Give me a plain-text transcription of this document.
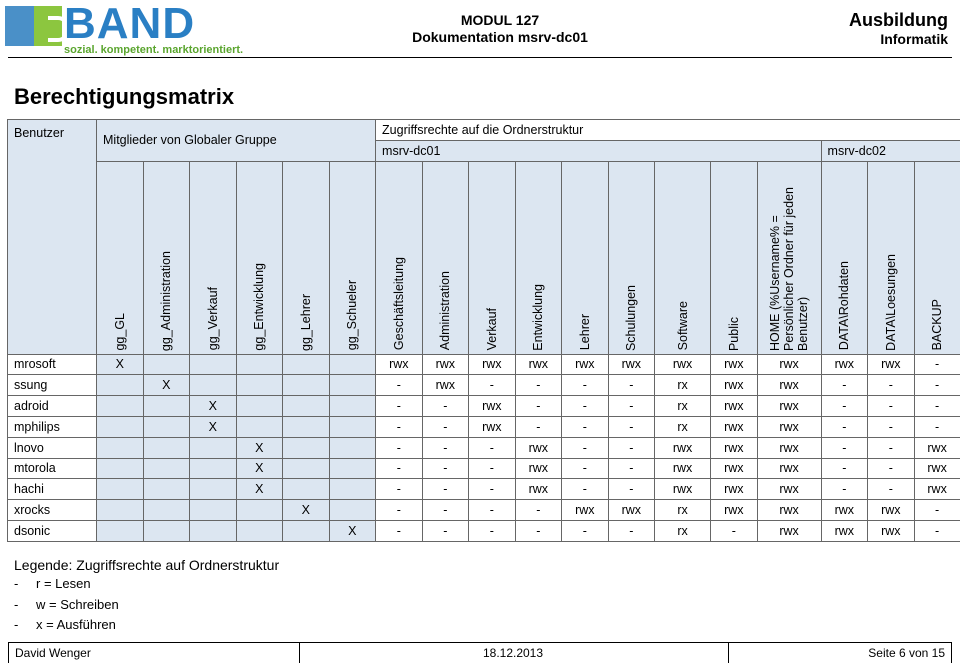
BAND
sozial. kompetent. marktorientiert.
MODUL 127
Dokumentation msrv-dc01
Ausbildung
Informatik
Berechtigungsmatrix
Benutzer	Mitglieder von Globaler Gruppe						Zugriffsrechte auf die Ordnerstruktur											
							msrv-dc01									msrv-dc02		
	gg_GL	gg_Administration	gg_Verkauf	gg_Entwicklung	gg_Lehrer	gg_Schueler	Geschäftsleitung	Administration	Verkauf	Entwicklung	Lehrer	Schulungen	Software	Public	HOME (%Username% = Persönlicher Ordner für jeden Benutzer)	DATA\Rohdaten	DATA\Loesungen	BACKUP
mrosoft	X						rwx	rwx	rwx	rwx	rwx	rwx	rwx	rwx	rwx	rwx	rwx	-
ssung		X					-	rwx	-	-	-	-	rx	rwx	rwx	-	-	-
adroid			X				-	-	rwx	-	-	-	rx	rwx	rwx	-	-	-
mphilips			X				-	-	rwx	-	-	-	rx	rwx	rwx	-	-	-
lnovo				X			-	-	-	rwx	-	-	rwx	rwx	rwx	-	-	rwx
mtorola				X			-	-	-	rwx	-	-	rwx	rwx	rwx	-	-	rwx
hachi				X			-	-	-	rwx	-	-	rwx	rwx	rwx	-	-	rwx
xrocks					X		-	-	-	-	rwx	rwx	rx	rwx	rwx	rwx	rwx	-
dsonic						X	-	-	-	-	-	-	rx	-	rwx	rwx	rwx	-
Legende: Zugriffsrechte auf Ordnerstruktur
- r = Lesen
- w = Schreiben
- x = Ausführen
David Wenger	18.12.2013	Seite 6 von 15
